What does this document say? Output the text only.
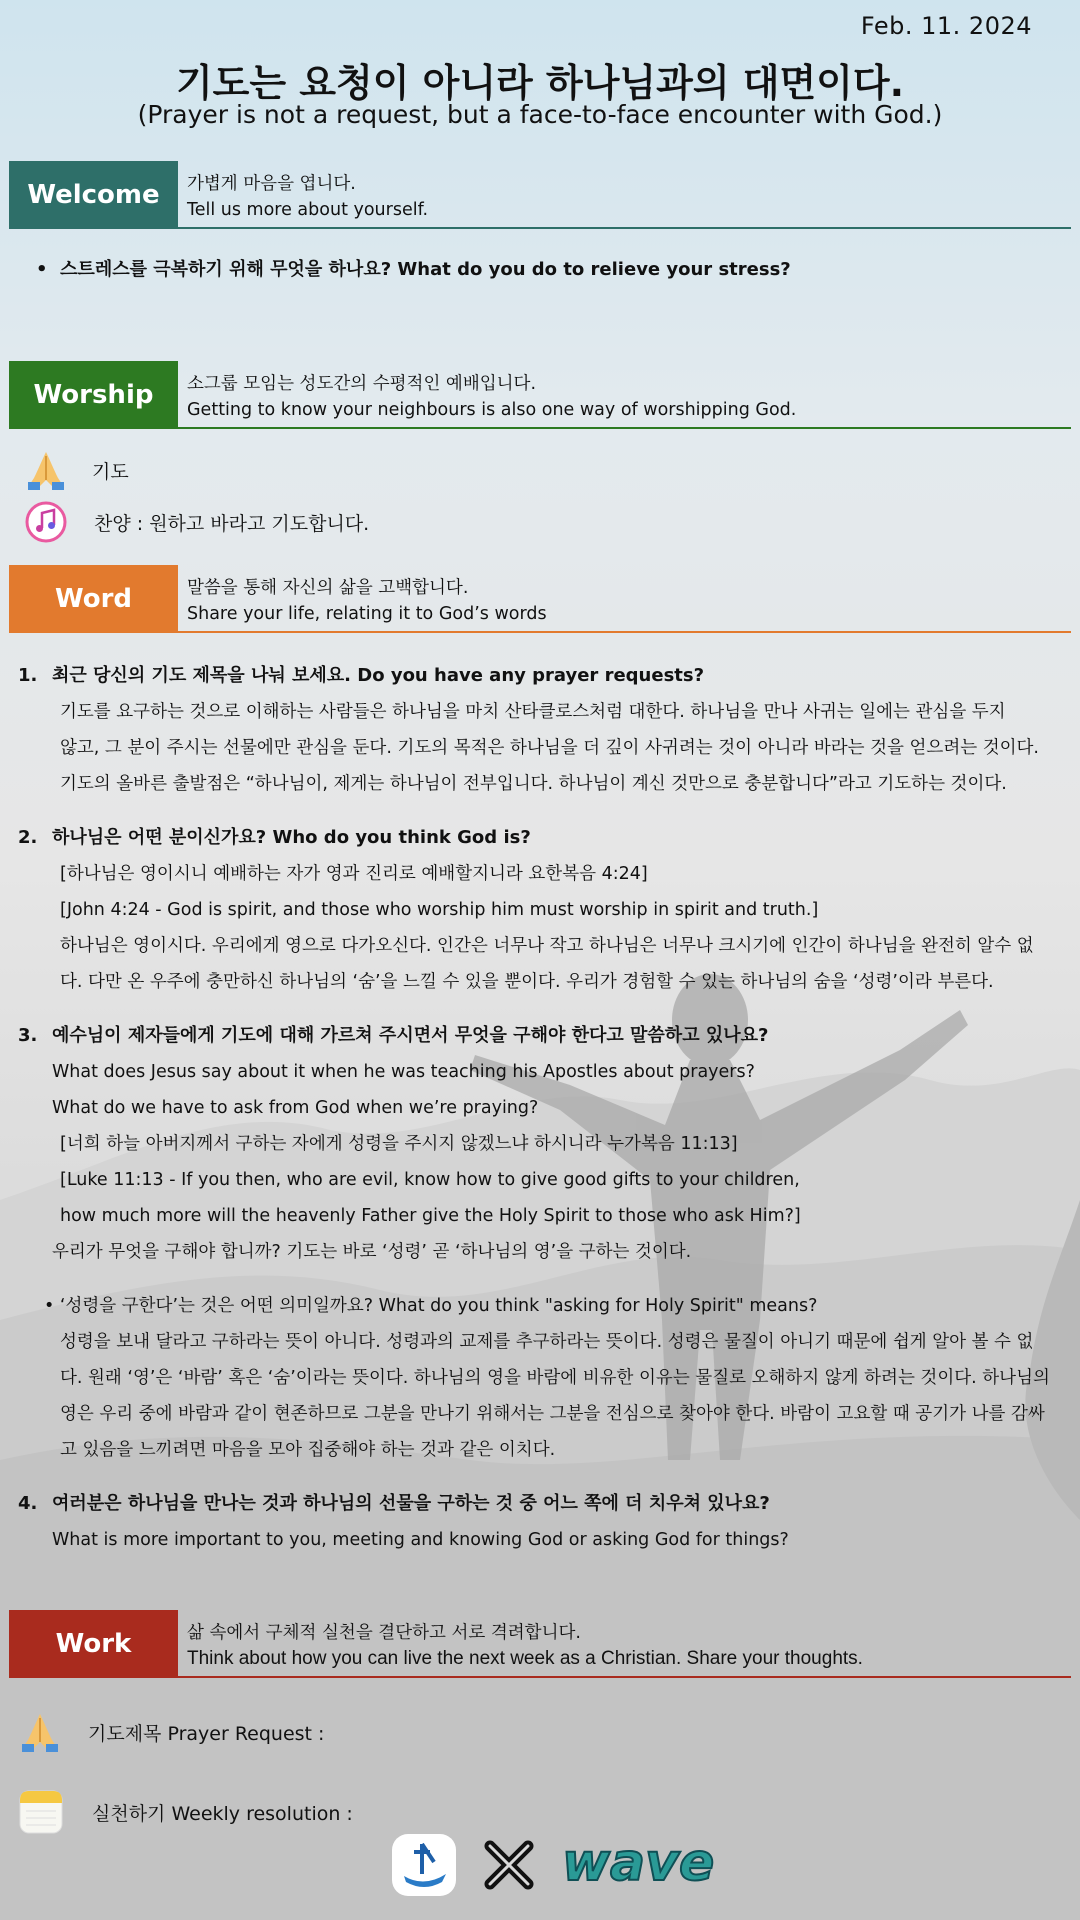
Feb. 11. 2024
기도는 요청이 아니라 하나님과의 대면이다.
(Prayer is not a request, but a face-to-face encounter with God.)
Welcome	가볍게 마음을 엽니다.
Tell us more about yourself.
•  스트레스를 극복하기 위해 무엇을 하나요? What do you do to relieve your stress?
Worship	소그룹 모임는 성도간의 수평적인 예배입니다.
Getting to know your neighbours is also one way of worshipping God.
기도
찬양 : 원하고 바라고 기도합니다.
Word	말씀을 통해 자신의 삶을 고백합니다.
Share your life, relating it to God’s words
1. 최근 당신의 기도 제목을 나눠 보세요. Do you have any prayer requests?
기도를 요구하는 것으로 이해하는 사람들은 하나님을 마치 산타클로스처럼 대한다. 하나님을 만나 사귀는 일에는 관심을 두지
않고, 그 분이 주시는 선물에만 관심을 둔다. 기도의 목적은 하나님을 더 깊이 사귀려는 것이 아니라 바라는 것을 얻으려는 것이다.
기도의 올바른 출발점은 “하나님이, 제게는 하나님이 전부입니다. 하나님이 계신 것만으로 충분합니다”라고 기도하는 것이다.
2. 하나님은 어떤 분이신가요? Who do you think God is?
[하나님은 영이시니 예배하는 자가 영과 진리로 예배할지니라 요한복음 4:24]
[John 4:24 - God is spirit, and those who worship him must worship in spirit and truth.]
하나님은 영이시다. 우리에게 영으로 다가오신다. 인간은 너무나 작고 하나님은 너무나 크시기에 인간이 하나님을 완전히 알수 없
다. 다만 온 우주에 충만하신 하나님의 ‘숨’을 느낄 수 있을 뿐이다. 우리가 경험할 수 있는 하나님의 숨을 ‘성령’이라 부른다.
3. 예수님이 제자들에게 기도에 대해 가르쳐 주시면서 무엇을 구해야 한다고 말씀하고 있나요?
What does Jesus say about it when he was teaching his Apostles about prayers?
What do we have to ask from God when we’re praying?
[너희 하늘 아버지께서 구하는 자에게 성령을 주시지 않겠느냐 하시니라 누가복음 11:13]
[Luke 11:13 - If you then, who are evil, know how to give good gifts to your children,
how much more will the heavenly Father give the Holy Spirit to those who ask Him?]
우리가 무엇을 구해야 합니까? 기도는 바로 ‘성령’ 곧 ‘하나님의 영’을 구하는 것이다.
• ‘성령을 구한다’는 것은 어떤 의미일까요? What do you think "asking for Holy Spirit" means?
성령을 보내 달라고 구하라는 뜻이 아니다. 성령과의 교제를 추구하라는 뜻이다. 성령은 물질이 아니기 때문에 쉽게 알아 볼 수 없
다. 원래 ‘영’은 ‘바람’ 혹은 ‘숨’이라는 뜻이다. 하나님의 영을 바람에 비유한 이유는 물질로 오해하지 않게 하려는 것이다. 하나님의
영은 우리 중에 바람과 같이 현존하므로 그분을 만나기 위해서는 그분을 전심으로 찾아야 한다. 바람이 고요할 때 공기가 나를 감싸
고 있음을 느끼려면 마음을 모아 집중해야 하는 것과 같은 이치다.
4. 여러분은 하나님을 만나는 것과 하나님의 선물을 구하는 것 중 어느 쪽에 더 치우쳐 있나요?
What is more important to you, meeting and knowing God or asking God for things?
Work	삶 속에서 구체적 실천을 결단하고 서로 격려합니다.
Think about how you can live the next week as a Christian. Share your thoughts.
기도제목 Prayer Request :
실천하기 Weekly resolution :
wave
